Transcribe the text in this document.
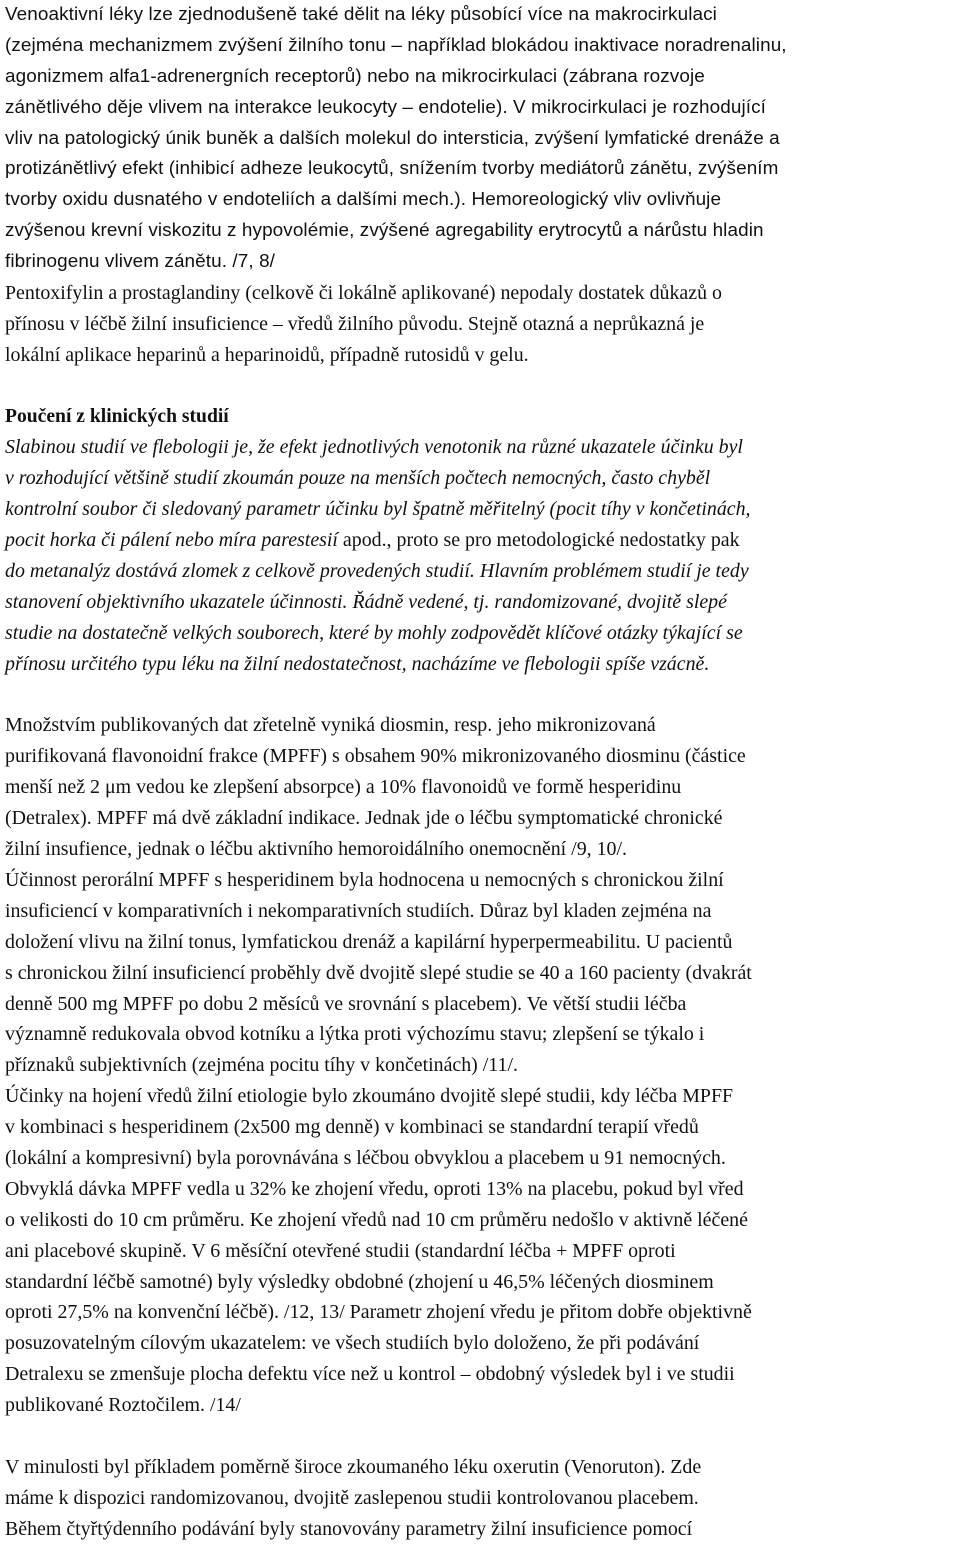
Venoaktivní léky lze zjednodušeně také dělit na léky působící více na makrocirkulaci
(zejména mechanizmem zvýšení žilního tonu – například blokádou inaktivace noradrenalinu,
agonizmem alfa1-adrenergních receptorů) nebo na mikrocirkulaci (zábrana rozvoje
zánětlivého děje vlivem na interakce leukocyty – endotelie). V mikrocirkulaci je rozhodující
vliv na patologický únik buněk a dalších molekul do intersticia, zvýšení lymfatické drenáže a
protizánětlivý efekt (inhibicí adheze leukocytů, snížením tvorby mediátorů zánětu, zvýšením
tvorby oxidu dusnatého v endoteliích a dalšími mech.). Hemoreologický vliv ovlivňuje
zvýšenou krevní viskozitu z hypovolémie, zvýšené agregability erytrocytů a nárůstu hladin
fibrinogenu vlivem zánětu. /7, 8/
Pentoxifylin a prostaglandiny (celkově či lokálně aplikované) nepodaly dostatek důkazů o
přínosu v léčbě žilní insuficience – vředů žilního původu. Stejně otazná a neprůkazná je
lokální aplikace heparinů a heparinoidů, případně rutosidů v gelu.
Poučení z klinických studií
Slabinou studií ve flebologii je, že efekt jednotlivých venotonik na různé ukazatele účinku byl
v rozhodující většině studií zkoumán pouze na menších počtech nemocných, často chyběl
kontrolní soubor či sledovaný parametr účinku byl špatně měřitelný (pocit tíhy v končetinách,
pocit horka či pálení nebo míra parestesií apod., proto se pro metodologické nedostatky pak
do metanalýz dostává zlomek z celkově provedených studií. Hlavním problémem studií je tedy
stanovení objektivního ukazatele účinnosti. Řádně vedené, tj. randomizované, dvojitě slepé
studie na dostatečně velkých souborech, které by mohly zodpovědět klíčové otázky týkající se
přínosu určitého typu léku na žilní nedostatečnost, nacházíme ve flebologii spíše vzácně.
Množstvím publikovaných dat zřetelně vyniká diosmin, resp. jeho mikronizovaná
purifikovaná flavonoidní frakce (MPFF) s obsahem 90% mikronizovaného diosminu (částice
menší než 2 μm vedou ke zlepšení absorpce) a 10% flavonoidů ve formě hesperidinu
(Detralex). MPFF má dvě základní indikace. Jednak jde o léčbu symptomatické chronické
žilní insufience, jednak o léčbu aktivního hemoroidálního onemocnění /9, 10/.
Účinnost perorální MPFF s hesperidinem byla hodnocena u nemocných s chronickou žilní
insuficiencí v komparativních i nekomparativních studiích. Důraz byl kladen zejména na
doložení vlivu na žilní tonus, lymfatickou drenáž a kapilární hyperpermeabilitu. U pacientů
s chronickou žilní insuficiencí proběhly dvě dvojitě slepé studie se 40 a 160 pacienty (dvakrát
denně 500 mg MPFF po dobu 2 měsíců ve srovnání s placebem). Ve větší studii léčba
významně redukovala obvod kotníku a lýtka proti výchozímu stavu; zlepšení se týkalo i
příznaků subjektivních (zejména pocitu tíhy v končetinách) /11/.
Účinky na hojení vředů žilní etiologie bylo zkoumáno dvojitě slepé studii, kdy léčba MPFF
v kombinaci s hesperidinem (2x500 mg denně) v kombinaci se standardní terapií vředů
(lokální a kompresivní) byla porovnávána s léčbou obvyklou a placebem u 91 nemocných.
Obvyklá dávka MPFF vedla u 32% ke zhojení vředu, oproti 13% na placebu, pokud byl vřed
o velikosti do 10 cm průměru. Ke zhojení vředů nad 10 cm průměru nedošlo v aktivně léčené
ani placebové skupině. V 6 měsíční otevřené studii (standardní léčba + MPFF oproti
standardní léčbě samotné) byly výsledky obdobné (zhojení u 46,5% léčených diosminem
oproti 27,5% na konvenční léčbě). /12, 13/ Parametr zhojení vředu je přitom dobře objektivně
posuzovatelným cílovým ukazatelem: ve všech studiích bylo doloženo, že při podávání
Detralexu se zmenšuje plocha defektu více než u kontrol – obdobný výsledek byl i ve studii
publikované Roztočilem. /14/
V minulosti byl příkladem poměrně široce zkoumaného léku oxerutin (Venoruton). Zde
máme k dispozici randomizovanou, dvojitě zaslepenou studii kontrolovanou placebem.
Během čtyřtýdenního podávání byly stanovovány parametry žilní insuficience pomocí
